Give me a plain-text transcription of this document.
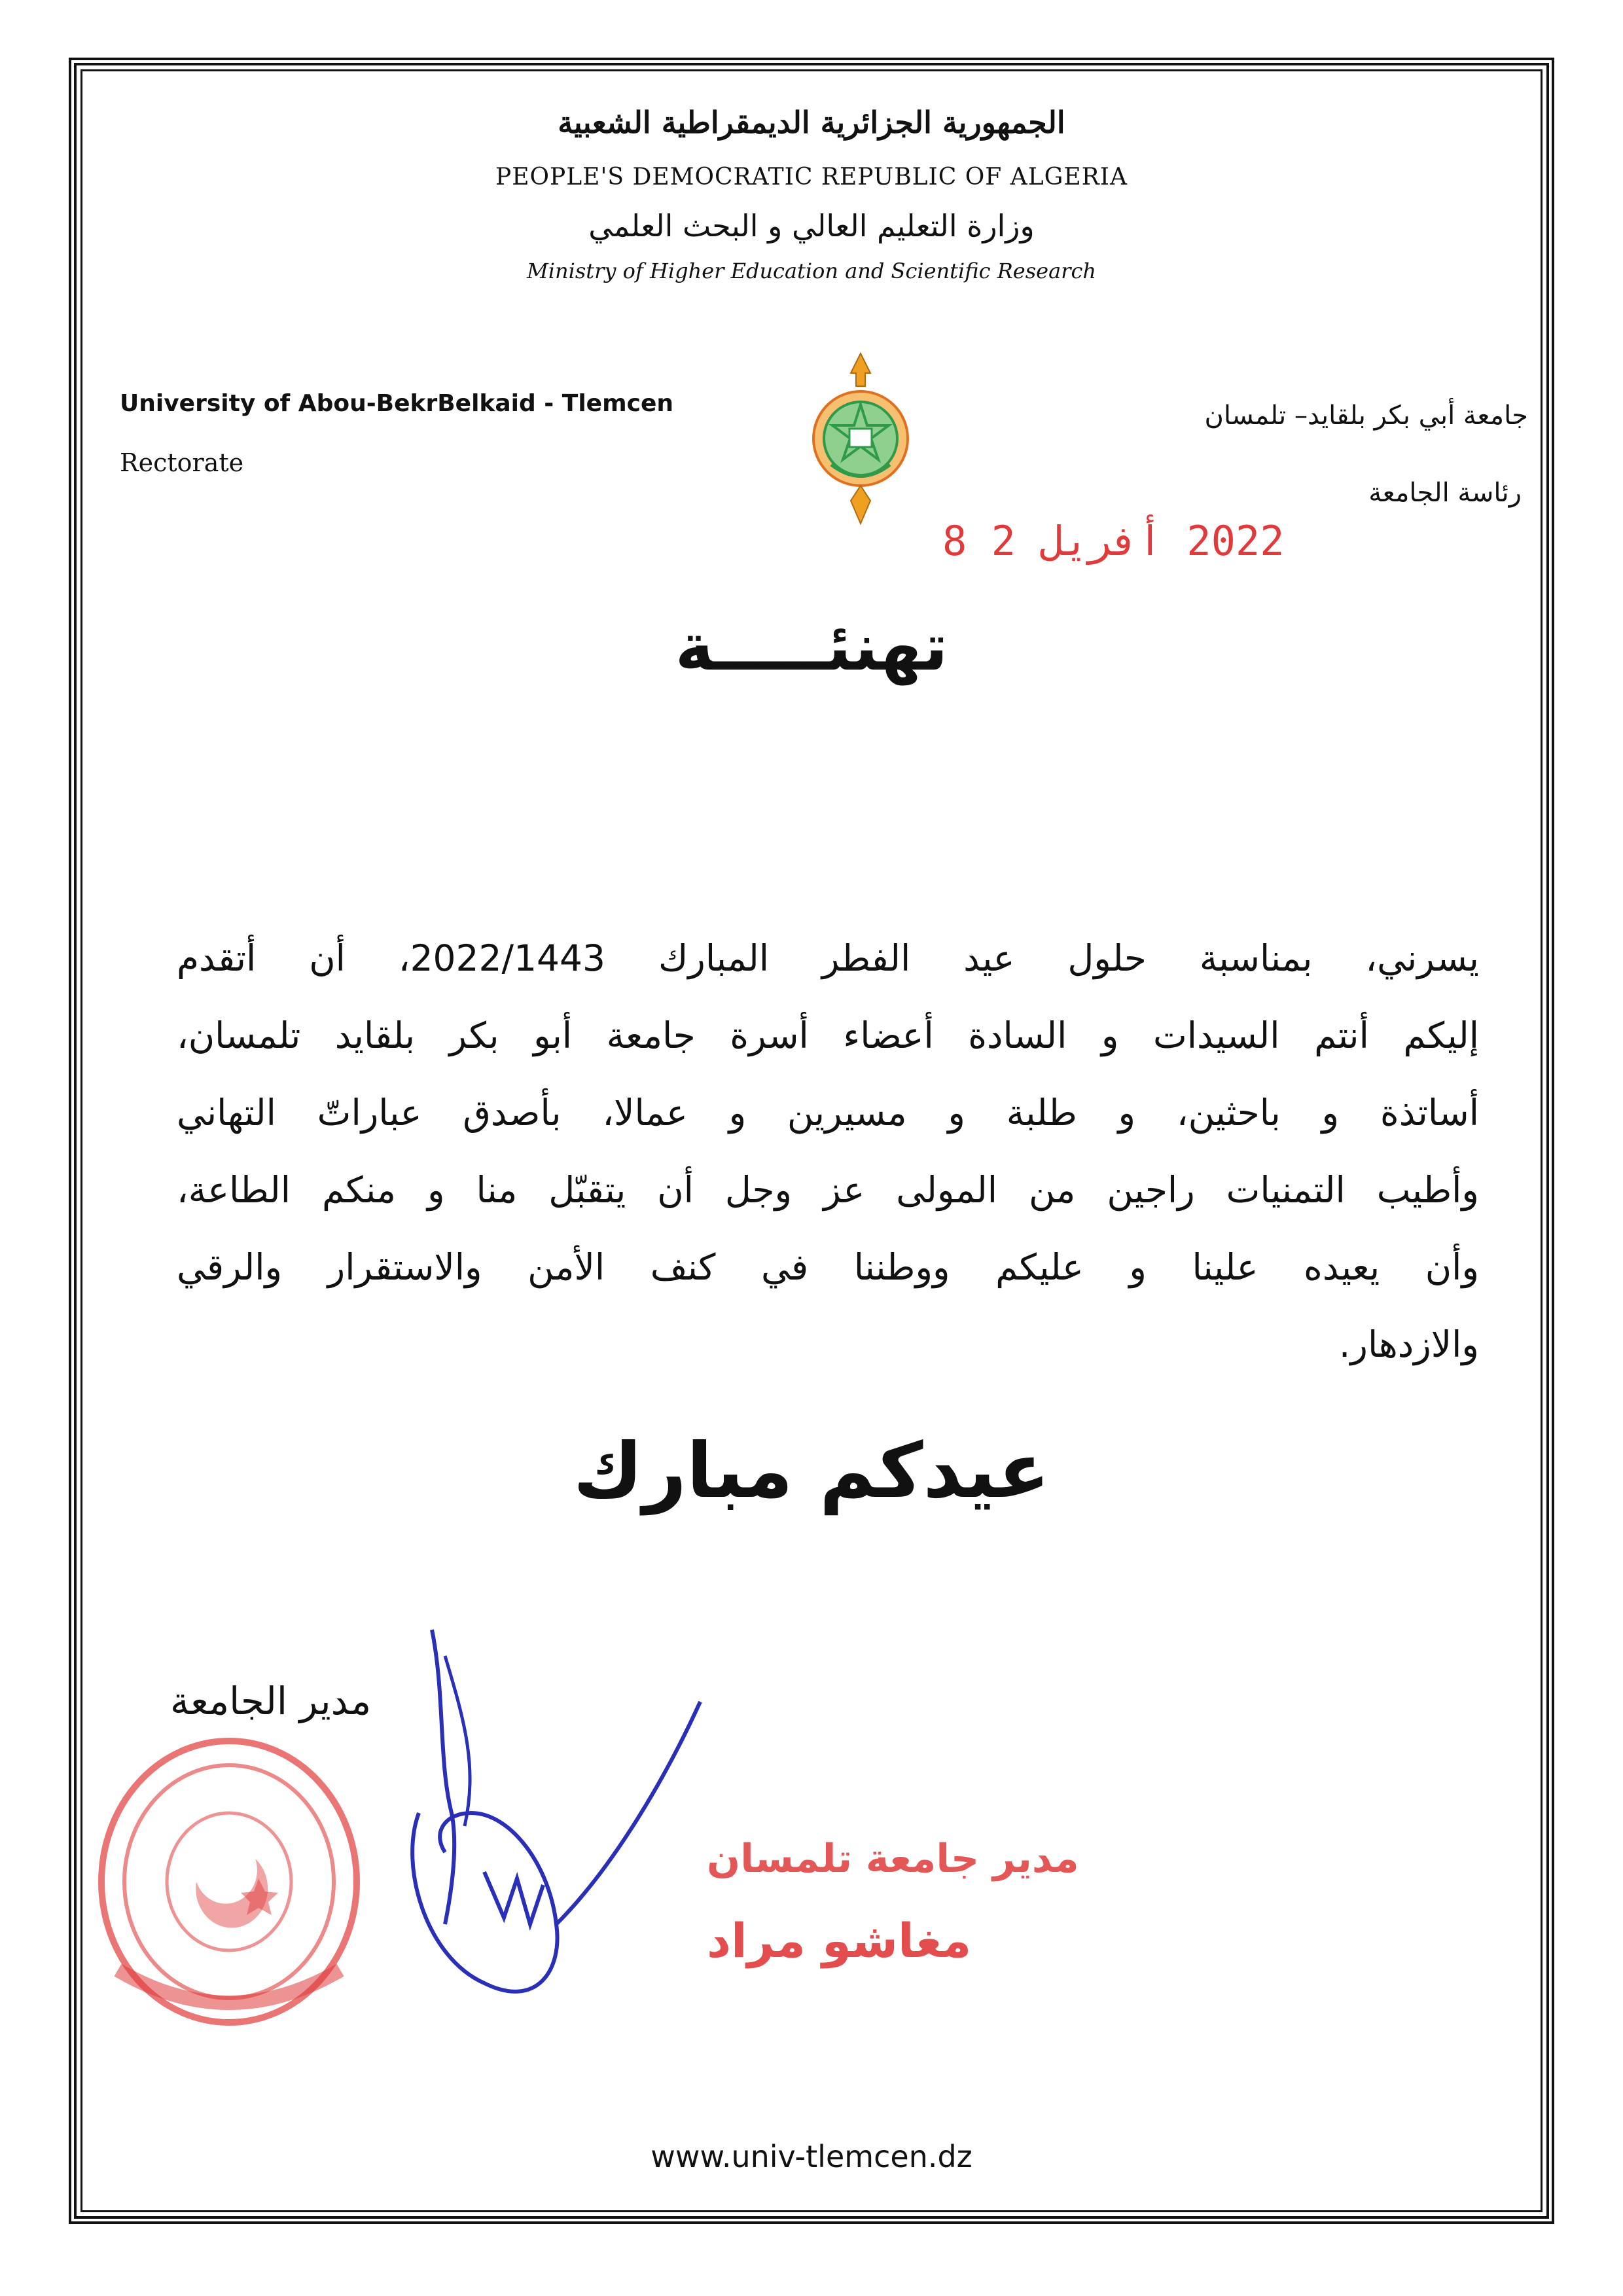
الجمهورية الجزائرية الديمقراطية الشعبية
PEOPLE'S DEMOCRATIC REPUBLIC OF ALGERIA
وزارة التعليم العالي و البحث العلمي
Ministry of Higher Education and Scientific Research
University of Abou-BekrBelkaid - Tlemcen
Rectorate
جامعة أبي بكر بلقايد– تلمسان
رئاسة الجامعة
2022 أفريل 2 8
تهنئـــــة
يسرني، بمناسبة حلول عيد الفطر المبارك 2022/1443، أن أتقدم
إليكم أنتم السيدات و السادة أعضاء أسرة جامعة أبو بكر بلقايد تلمسان،
أساتذة و باحثين، و طلبة و مسيرين و عمالا، بأصدق عباراتّ التهاني
وأطيب التمنيات راجين من المولى عز وجل أن يتقبّل منا و منكم الطاعة،
وأن يعيده علينا و عليكم ووطننا في كنف الأمن والاستقرار والرقي
والازدهار.
عيدكم مبارك
مدير الجامعة
مدير جامعة تلمسان
مغاشو مراد
www.univ-tlemcen.dz
